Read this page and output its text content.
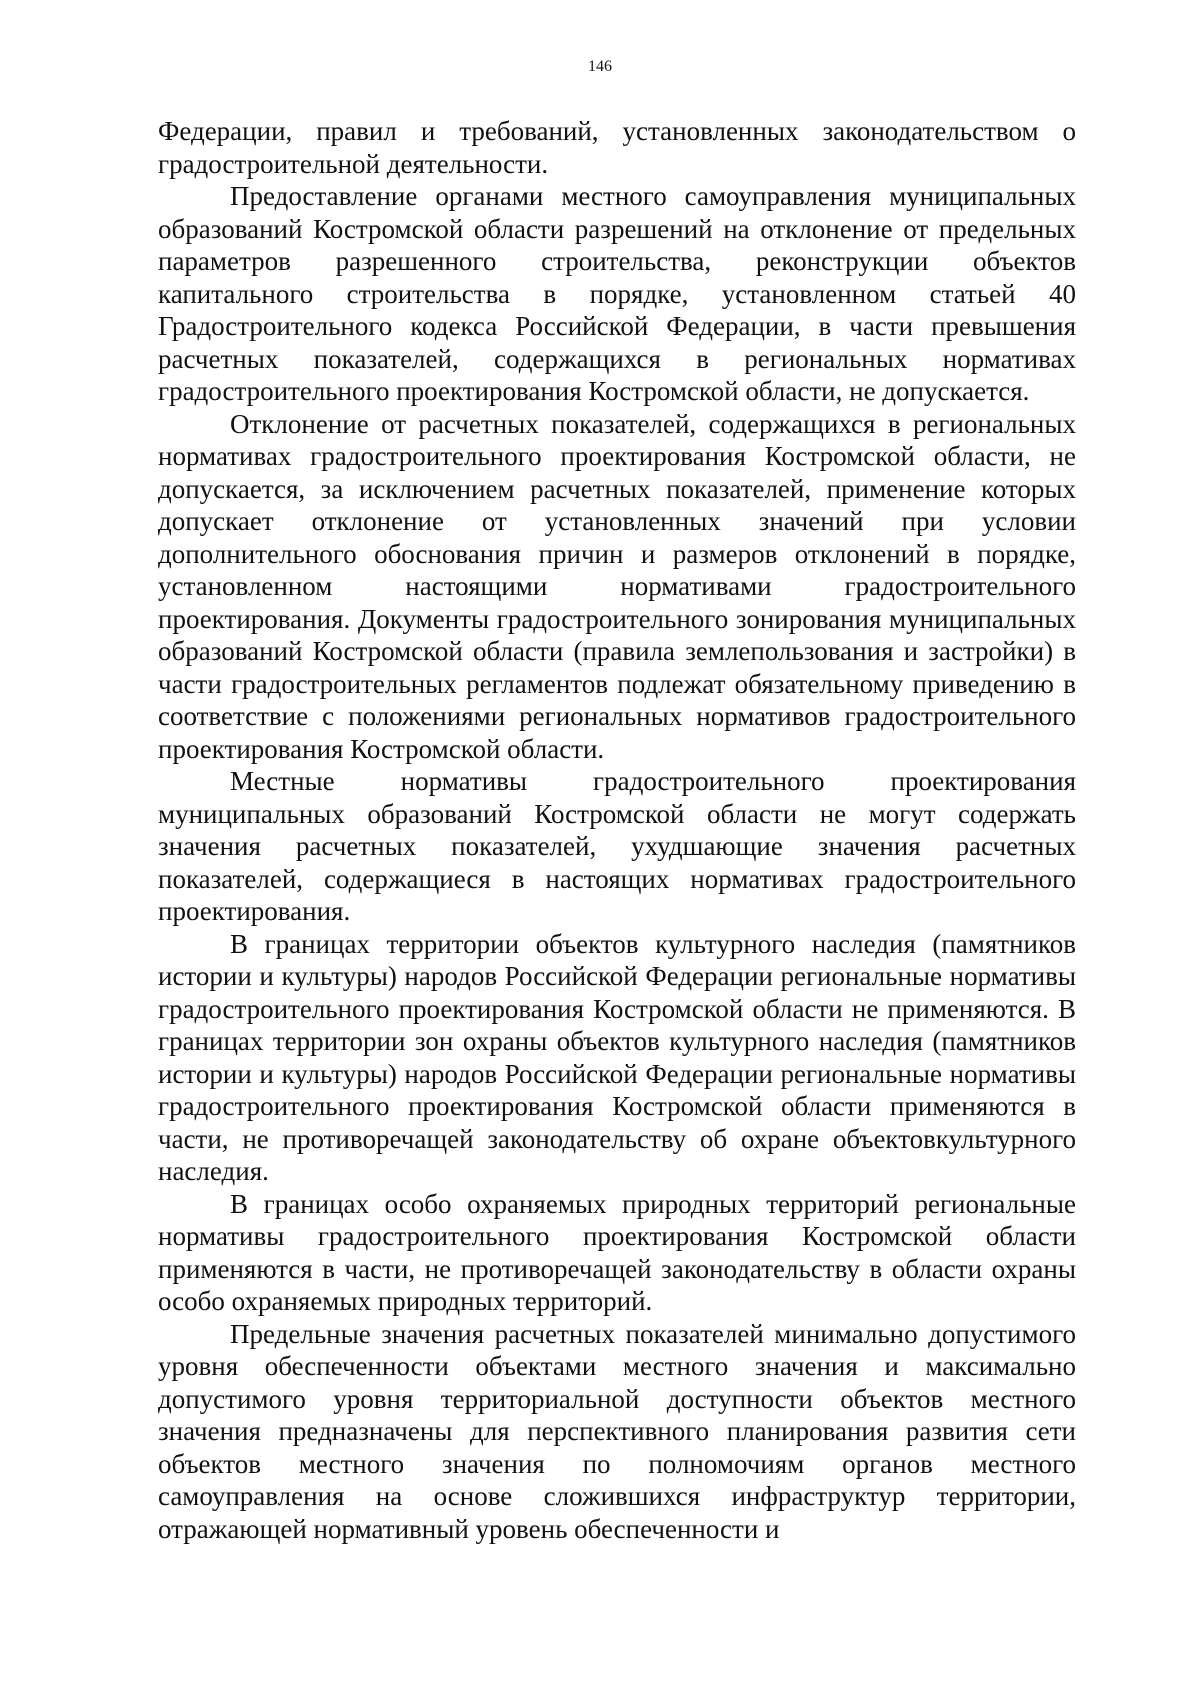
146

Федерации, правил и требований, установленных законодательством о градостроительной деятельности.

Предоставление органами местного самоуправления муниципальных образований Костромской области разрешений на отклонение от предельных параметров разрешенного строительства, реконструкции объектов капитального строительства в порядке, установленном статьей 40 Градостроительного кодекса Российской Федерации, в части превышения расчетных показателей, содержащихся в региональных нормативах градостроительного проектирования Костромской области, не допускается.

Отклонение от расчетных показателей, содержащихся в региональных нормативах градостроительного проектирования Костромской области, не допускается, за исключением расчетных показателей, применение которых допускает отклонение от установленных значений при условии дополнительного обоснования причин и размеров отклонений в порядке, установленном настоящими нормативами градостроительного проектирования. Документы градостроительного зонирования муниципальных образований Костромской области (правила землепользования и застройки) в части градостроительных регламентов подлежат обязательному приведению в соответствие с положениями региональных нормативов градостроительного проектирования Костромской области.

Местные нормативы градостроительного проектирования муниципальных образований Костромской области не могут содержать значения расчетных показателей, ухудшающие значения расчетных показателей, содержащиеся в настоящих нормативах градостроительного проектирования.

В границах территории объектов культурного наследия (памятников истории и культуры) народов Российской Федерации региональные нормативы градостроительного проектирования Костромской области не применяются. В границах территории зон охраны объектов культурного наследия (памятников истории и культуры) народов Российской Федерации региональные нормативы градостроительного проектирования Костромской области применяются в части, не противоречащей законодательству об охране объектовкультурного наследия.

В границах особо охраняемых природных территорий региональные нормативы градостроительного проектирования Костромской области применяются в части, не противоречащей законодательству в области охраны особо охраняемых природных территорий.

Предельные значения расчетных показателей минимально допустимого уровня обеспеченности объектами местного значения и максимально допустимого уровня территориальной доступности объектов местного значения предназначены для перспективного планирования развития сети объектов местного значения по полномочиям органов местного самоуправления на основе сложившихся инфраструктур территории, отражающей нормативный уровень обеспеченности и
